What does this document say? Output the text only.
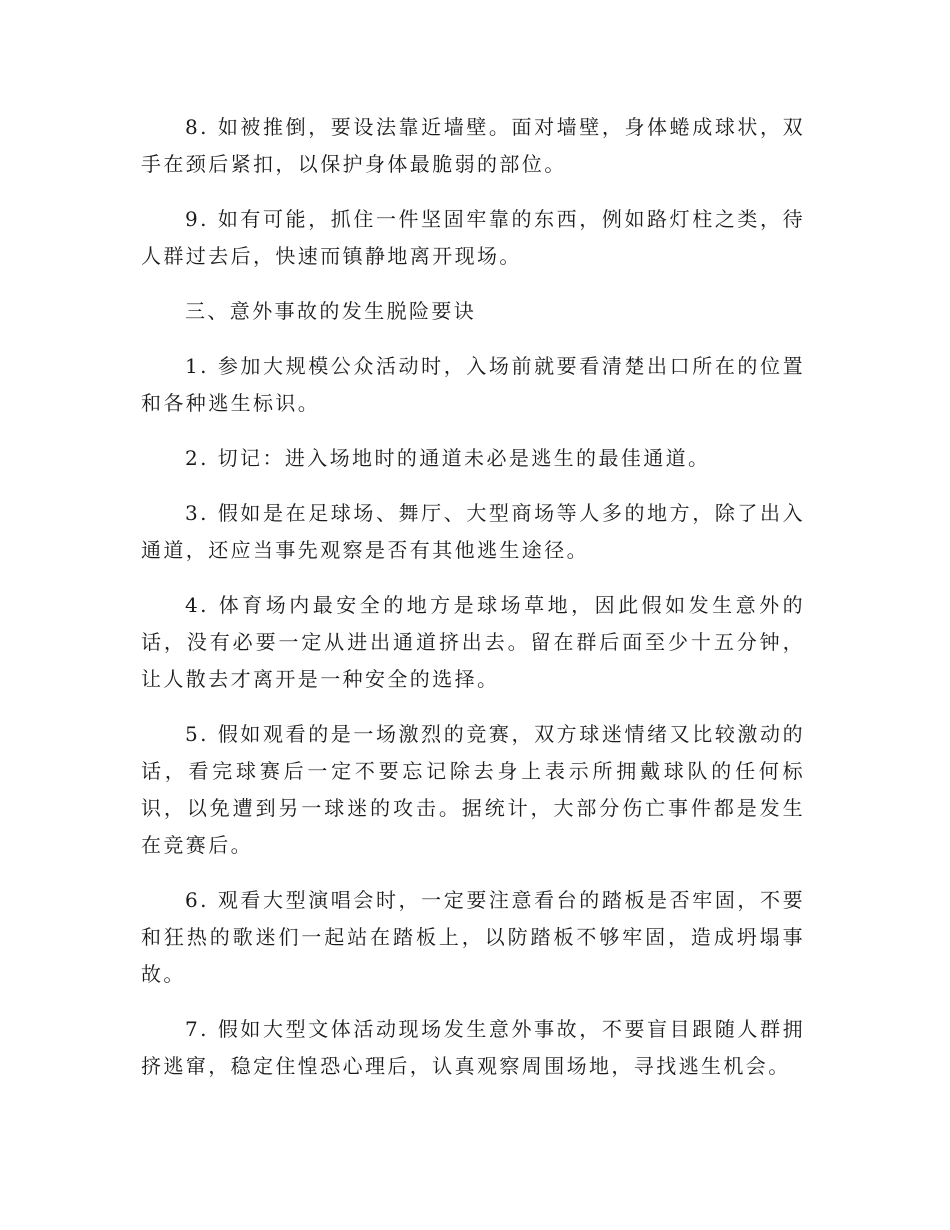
8. 如被推倒，要设法靠近墙壁。面对墙壁，身体蜷成球状，双手在颈后紧扣，以保护身体最脆弱的部位。

9. 如有可能，抓住一件坚固牢靠的东西，例如路灯柱之类，待人群过去后，快速而镇静地离开现场。

三、意外事故的发生脱险要诀

1. 参加大规模公众活动时，入场前就要看清楚出口所在的位置和各种逃生标识。

2. 切记：进入场地时的通道未必是逃生的最佳通道。

3. 假如是在足球场、舞厅、大型商场等人多的地方，除了出入通道，还应当事先观察是否有其他逃生途径。

4. 体育场内最安全的地方是球场草地，因此假如发生意外的话，没有必要一定从进出通道挤出去。留在群后面至少十五分钟，让人散去才离开是一种安全的选择。

5. 假如观看的是一场激烈的竞赛，双方球迷情绪又比较激动的话，看完球赛后一定不要忘记除去身上表示所拥戴球队的任何标识，以免遭到另一球迷的攻击。据统计，大部分伤亡事件都是发生在竞赛后。

6. 观看大型演唱会时，一定要注意看台的踏板是否牢固，不要和狂热的歌迷们一起站在踏板上，以防踏板不够牢固，造成坍塌事故。

7. 假如大型文体活动现场发生意外事故，不要盲目跟随人群拥挤逃窜，稳定住惶恐心理后，认真观察周围场地，寻找逃生机会。
